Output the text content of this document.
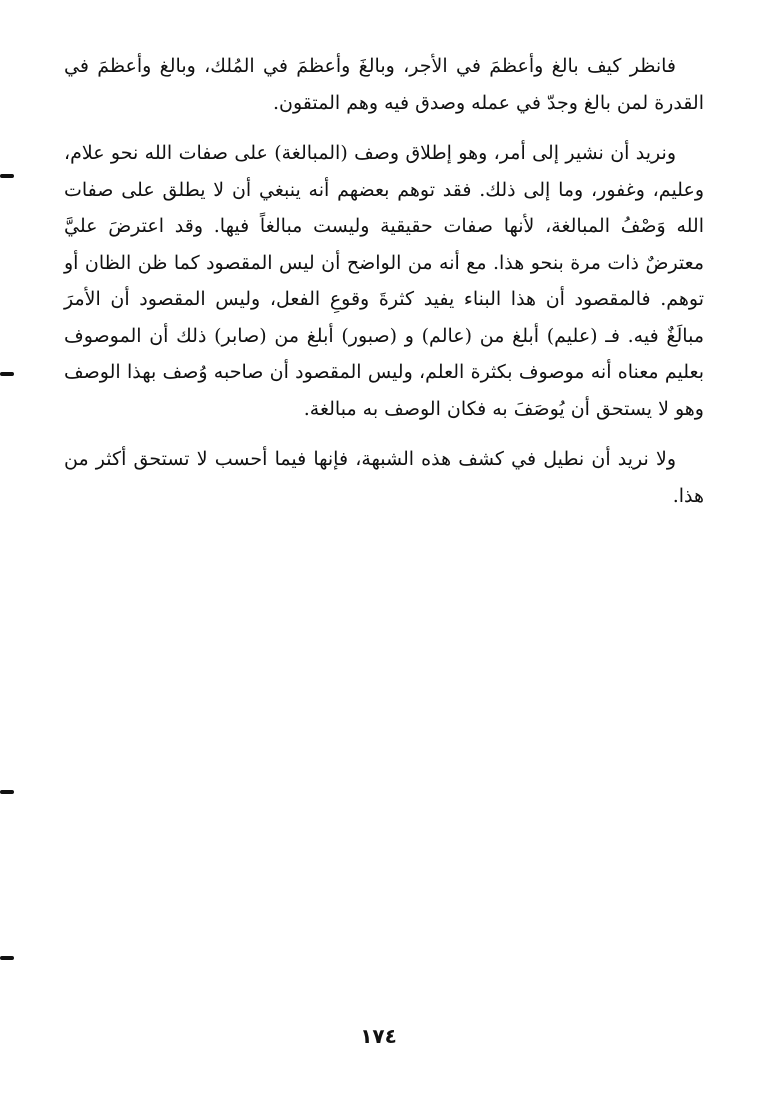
فانظر كيف بالغ وأعظمَ في الأجر، وبالغَ وأعظمَ في المُلك، وبالغ وأعظمَ في القدرة لمن بالغ وجدّ في عمله وصدق فيه وهم المتقون.

ونريد أن نشير إلى أمر، وهو إطلاق وصف (المبالغة) على صفات الله نحو علام، وعليم، وغفور، وما إلى ذلك. فقد توهم بعضهم أنه ينبغي أن لا يطلق على صفات الله وَصْفُ المبالغة، لأنها صفات حقيقية وليست مبالغاً فيها. وقد اعترضَ عليَّ معترضٌ ذات مرة بنحو هذا. مع أنه من الواضح أن ليس المقصود كما ظن الظان أو توهم. فالمقصود أن هذا البناء يفيد كثرةَ وقوعِ الفعل، وليس المقصود أن الأمرَ مبالَغٌ فيه. فـ (عليم) أبلغ من (عالم) و (صبور) أبلغ من (صابر) ذلك أن الموصوف بعليم معناه أنه موصوف بكثرة العلم، وليس المقصود أن صاحبه وُصف بهذا الوصف وهو لا يستحق أن يُوصَفَ به فكان الوصف به مبالغة.

ولا نريد أن نطيل في كشف هذه الشبهة، فإنها فيما أحسب لا تستحق أكثر من هذا.

١٧٤
